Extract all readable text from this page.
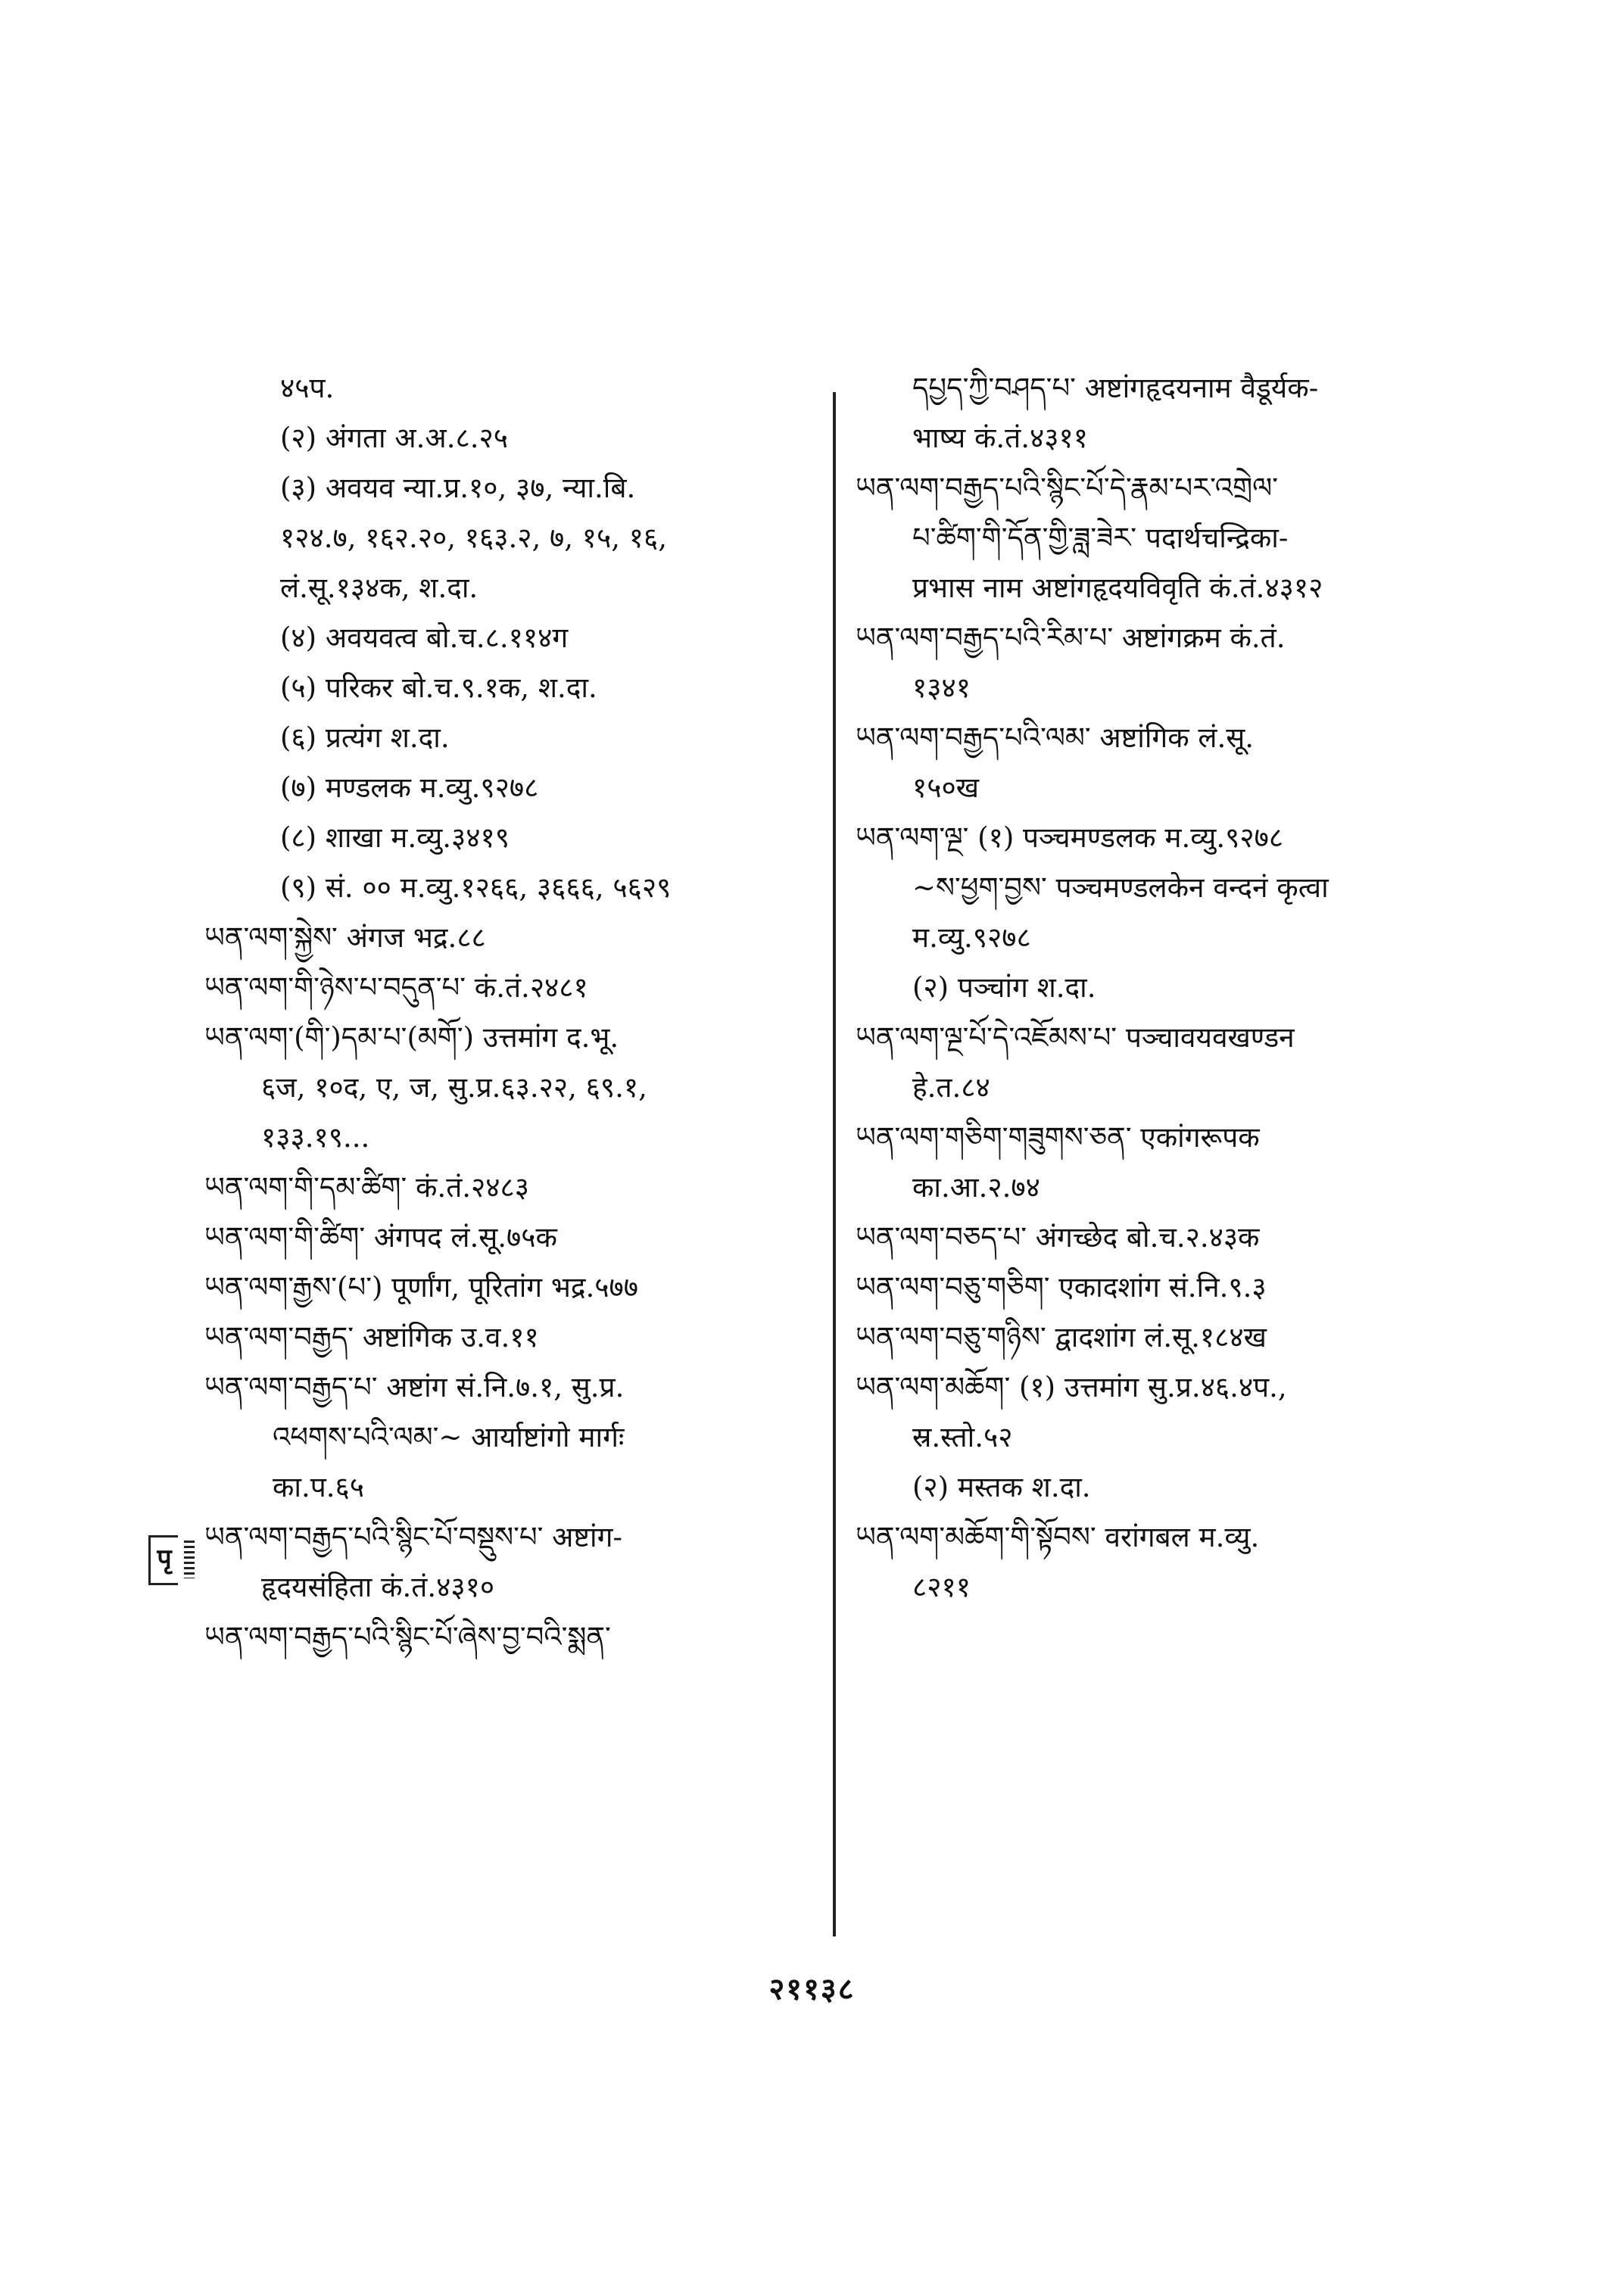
४५प.
(२) अंगता अ.अ.८.२५
(३) अवयव न्या.प्र.१०, ३७, न्या.बि.
१२४.७, १६२.२०, १६३.२, ७, १५, १६,
लं.सू.१३४क, श.दा.
(४) अवयवत्व बो.च.८.११४ग
(५) परिकर बो.च.९.१क, श.दा.
(६) प्रत्यंग श.दा.
(७) मण्डलक म.व्यु.९२७८
(८) शाखा म.व्यु.३४१९
(९) सं. ०० म.व्यु.१२६६, ३६६६, ५६२९
ཡན་ལག་སྐྱེས་ अंगज भद्र.८८
ཡན་ལག་གི་ཉེས་པ་བདུན་པ་ कं.तं.२४८१
ཡན་ལག་(གི་)དམ་པ་(མགོ་) उत्तमांग द.भू.
६ज, १०द, ए, ज, सु.प्र.६३.२२, ६९.१,
१३३.१९...
ཡན་ལག་གི་དམ་ཚིག་ कं.तं.२४८३
ཡན་ལག་གི་ཚིག་ अंगपद लं.सू.७५क
ཡན་ལག་རྒྱས་(པ་) पूर्णांग, पूरितांग भद्र.५७७
ཡན་ལག་བརྒྱད་ अष्टांगिक उ.व.११
ཡན་ལག་བརྒྱད་པ་ अष्टांग सं.नि.७.१, सु.प्र.
འཕགས་པའི་ལམ་~ आर्याष्टांगो मार्गः
का.प.६५
ཡན་ལག་བརྒྱད་པའི་སྙིང་པོ་བསྡུས་པ་ अष्टांग-
हृदयसंहिता कं.तं.४३१०
ཡན་ལག་བརྒྱད་པའི་སྙིང་པོ་ཞེས་བྱ་བའི་སྨན་
དཔྱད་ཀྱི་བཤད་པ་ अष्टांगहृदयनाम वैडूर्यक-
भाष्य कं.तं.४३११
ཡན་ལག་བརྒྱད་པའི་སྙིང་པོ་དེ་རྣམ་པར་འགྲེལ་
པ་ཚིག་གི་དོན་གྱི་ཟླ་ཟེར་ पदार्थचन्द्रिका-
प्रभास नाम अष्टांगहृदयविवृति कं.तं.४३१२
ཡན་ལག་བརྒྱད་པའི་རིམ་པ་ अष्टांगक्रम कं.तं.
१३४१
ཡན་ལག་བརྒྱད་པའི་ལམ་ अष्टांगिक लं.सू.
१५०ख
ཡན་ལག་ལྔ་ (१) पञ्चमण्डलक म.व्यु.९२७८
~ས་ཕྱག་བྱས་ पञ्चमण्डलकेन वन्दनं कृत्वा
म.व्यु.९२७८
(२) पञ्चांग श.दा.
ཡན་ལག་ལྔ་པོ་དེ་འཇོམས་པ་ पञ्चावयवखण्डन
हे.त.८४
ཡན་ལག་གཅིག་གཟུགས་ཅན་ एकांगरूपक
का.आ.२.७४
ཡན་ལག་བཅད་པ་ अंगच्छेद बो.च.२.४३क
ཡན་ལག་བཅུ་གཅིག་ एकादशांग सं.नि.९.३
ཡན་ལག་བཅུ་གཉིས་ द्वादशांग लं.सू.१८४ख
ཡན་ལག་མཆོག་ (१) उत्तमांग सु.प्र.४६.४प.,
स्र.स्तो.५२
(२) मस्तक श.दा.
ཡན་ལག་མཆོག་གི་སྟོབས་ वरांगबल म.व्यु.
८२११
पृ
२११३८
